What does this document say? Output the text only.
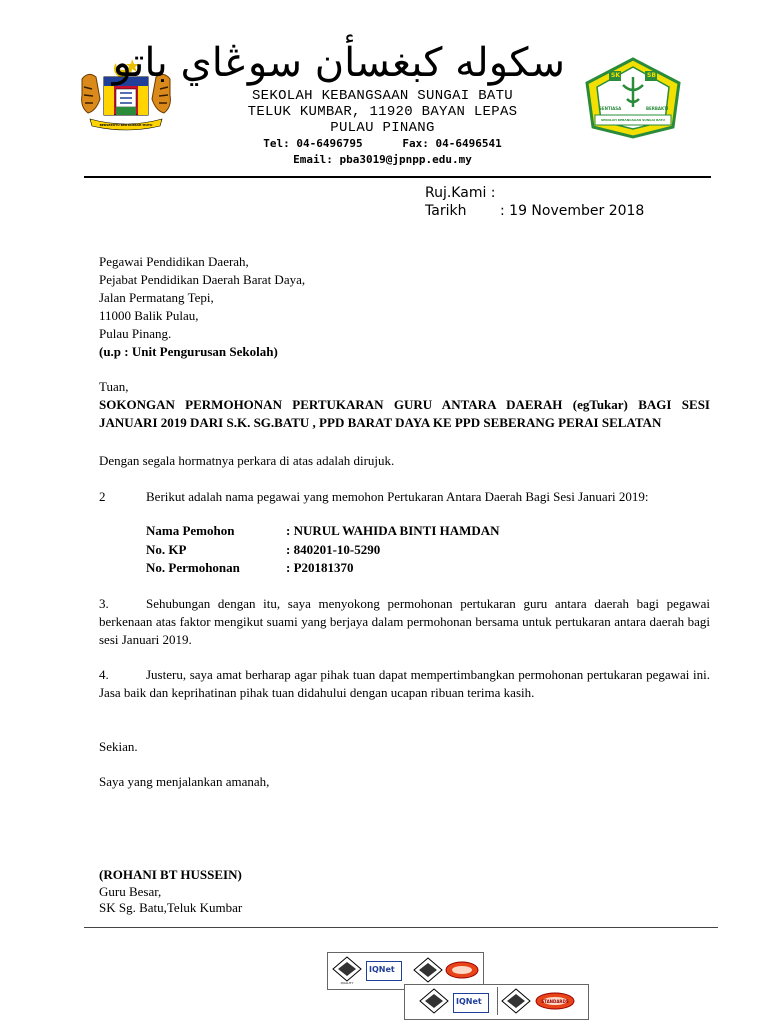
سكوله كبغسأن سوڠاي باتو
SEKOLAH KEBANGSAAN SUNGAI BATU
TELUK KUMBAR, 11920 BAYAN LEPAS
PULAU PINANG
Tel: 04-6496795	Fax: 04-6496541
Email: pba3019@jpnpp.edu.my
SK	SB
SENTIASA	BERBAKTI
SEKOLAH KEBANGSAAN SUNGAI BATU
BERSEKUTU BERTAMBAH MUTU
Ruj.Kami :
Tarikh : 19 November 2018
Pegawai Pendidikan Daerah,
Pejabat Pendidikan Daerah Barat Daya,
Jalan Permatang Tepi,
11000 Balik Pulau,
Pulau Pinang.
(u.p : Unit Pengurusan Sekolah)
Tuan,
SOKONGAN PERMOHONAN PERTUKARAN GURU ANTARA DAERAH (egTukar) BAGI SESI JANUARI 2019 DARI S.K. SG.BATU , PPD BARAT DAYA KE PPD SEBERANG PERAI SELATAN
Dengan segala hormatnya perkara di atas adalah dirujuk.
2	Berikut adalah nama pegawai yang memohon Pertukaran Antara Daerah Bagi Sesi Januari 2019:
Nama Pemohon	: NURUL WAHIDA BINTI HAMDAN
No. KP	: 840201-10-5290
No. Permohonan	: P20181370
3.	Sehubungan dengan itu, saya menyokong permohonan pertukaran guru antara daerah bagi pegawai berkenaan atas faktor mengikut suami yang berjaya dalam permohonan bersama untuk pertukaran antara daerah bagi sesi Januari 2019.
4.	Justeru, saya amat berharap agar pihak tuan dapat mempertimbangkan permohonan pertukaran pegawai ini. Jasa baik dan keprihatinan pihak tuan didahului dengan ucapan ribuan terima kasih.
Sekian.
Saya yang menjalankan amanah,
(ROHANI BT HUSSEIN)
Guru Besar,
SK Sg. Batu,Teluk Kumbar
QUALITY
IQNet
IQNet	STANDARDS
